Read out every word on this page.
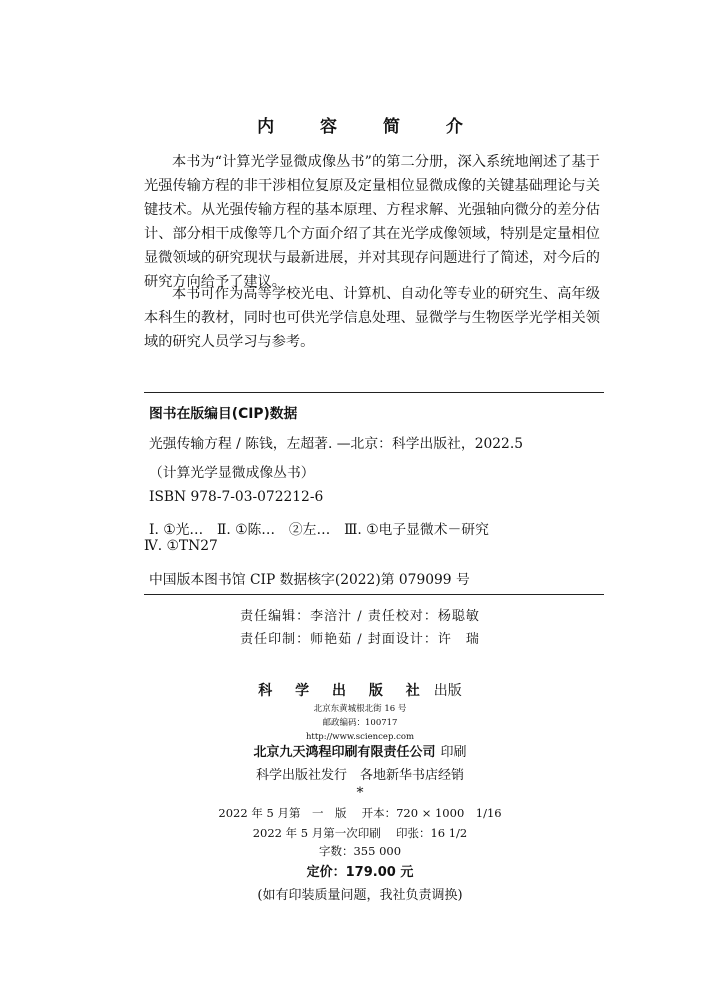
内 容 简 介

本书为“计算光学显微成像丛书”的第二分册，深入系统地阐述了基于光强传输方程的非干涉相位复原及定量相位显微成像的关键基础理论与关键技术。从光强传输方程的基本原理、方程求解、光强轴向微分的差分估计、部分相干成像等几个方面介绍了其在光学成像领域，特别是定量相位显微领域的研究现状与最新进展，并对其现存问题进行了简述，对今后的研究方向给予了建议。

本书可作为高等学校光电、计算机、自动化等专业的研究生、高年级本科生的教材，同时也可供光学信息处理、显微学与生物医学光学相关领域的研究人员学习与参考。

图书在版编目(CIP)数据
光强传输方程 / 陈钱，左超著. —北京：科学出版社，2022.5
（计算光学显微成像丛书）
ISBN 978-7-03-072212-6
Ⅰ. ①光…　Ⅱ. ①陈…　②左…　Ⅲ. ①电子显微术－研究
Ⅳ. ①TN27
中国版本图书馆 CIP 数据核字(2022)第 079099 号
责任编辑：李涪汁 / 责任校对：杨聪敏
责任印制：师艳茹 / 封面设计：许　瑞
科 学 出 版 社 出版
北京东黄城根北街 16 号
邮政编码：100717
http://www.sciencep.com
北京九天鸿程印刷有限责任公司 印刷
科学出版社发行　各地新华书店经销
*
2022 年 5 月第　一　版　 开本：720 × 1000　1/16
2022 年 5 月第一次印刷　 印张：16 1/2
字数：355 000
定价：179.00 元
(如有印装质量问题，我社负责调换)
